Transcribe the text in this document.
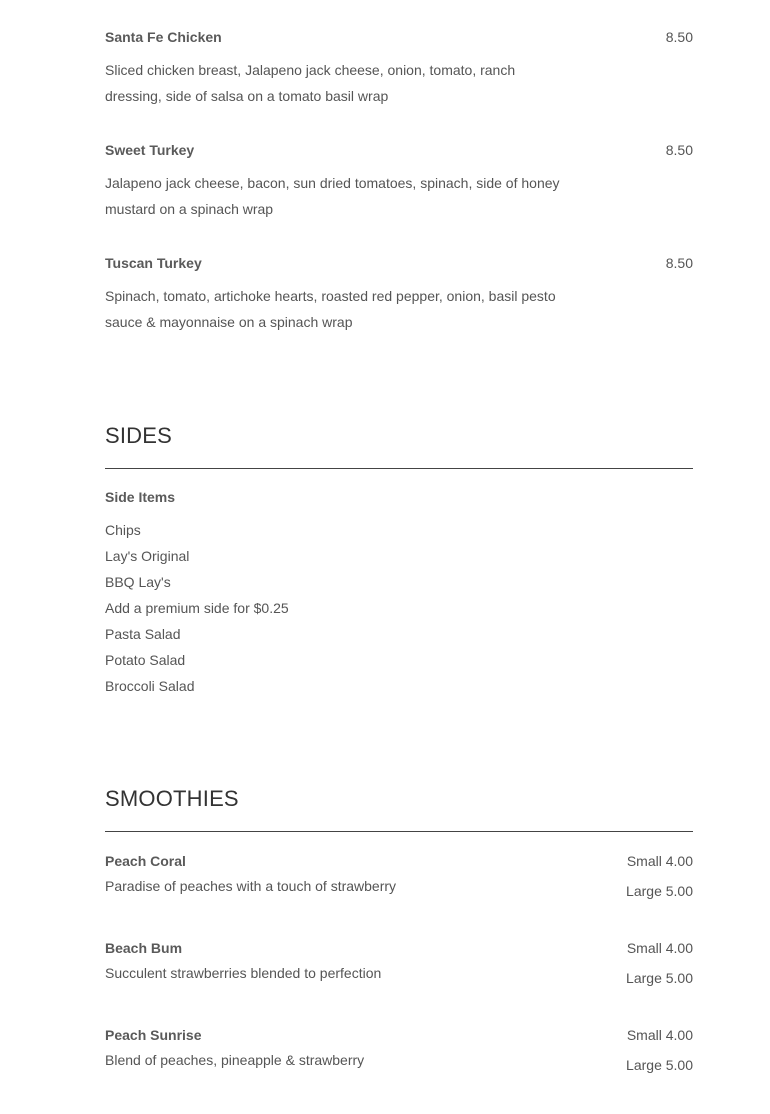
Santa Fe Chicken	8.50
Sliced chicken breast, Jalapeno jack cheese, onion, tomato, ranch dressing, side of salsa on a tomato basil wrap
Sweet Turkey	8.50
Jalapeno jack cheese, bacon, sun dried tomatoes, spinach, side of honey mustard on a spinach wrap
Tuscan Turkey	8.50
Spinach, tomato, artichoke hearts, roasted red pepper, onion, basil pesto sauce & mayonnaise on a spinach wrap
SIDES
Side Items
Chips
Lay's Original
BBQ Lay's
Add a premium side for $0.25
Pasta Salad
Potato Salad
Broccoli Salad
SMOOTHIES
Peach Coral	Small 4.00
Large 5.00
Paradise of peaches with a touch of strawberry
Beach Bum	Small 4.00
Large 5.00
Succulent strawberries blended to perfection
Peach Sunrise	Small 4.00
Large 5.00
Blend of peaches, pineapple & strawberry
